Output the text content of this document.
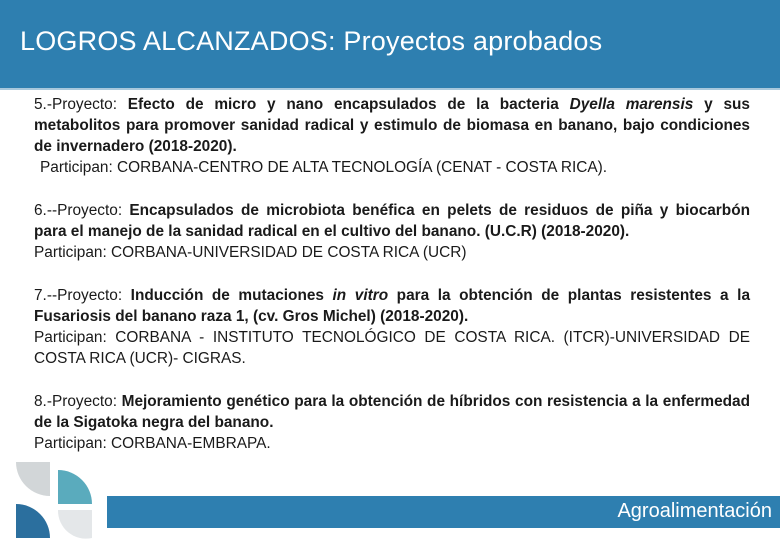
LOGROS ALCANZADOS: Proyectos aprobados

5.-Proyecto: Efecto de micro y nano encapsulados de la bacteria Dyella marensis y sus metabolitos para promover sanidad radical y estimulo de biomasa en banano, bajo condiciones de invernadero (2018-2020).

Participan: CORBANA-CENTRO DE ALTA TECNOLOGÍA (CENAT - COSTA RICA).

6.--Proyecto: Encapsulados de microbiota benéfica en pelets de residuos de piña y biocarbón para el manejo de la sanidad radical en el cultivo del banano. (U.C.R) (2018-2020).

Participan: CORBANA-UNIVERSIDAD DE COSTA RICA (UCR)

7.--Proyecto: Inducción de mutaciones in vitro para la obtención de plantas resistentes a la Fusariosis del banano raza 1, (cv. Gros Michel) (2018-2020).

Participan: CORBANA - INSTITUTO TECNOLÓGICO DE COSTA RICA. (ITCR)-UNIVERSIDAD DE COSTA RICA (UCR)- CIGRAS.

8.-Proyecto: Mejoramiento genético para la obtención de híbridos con resistencia a la enfermedad de la Sigatoka negra del banano.

Participan: CORBANA-EMBRAPA.

Agroalimentación
